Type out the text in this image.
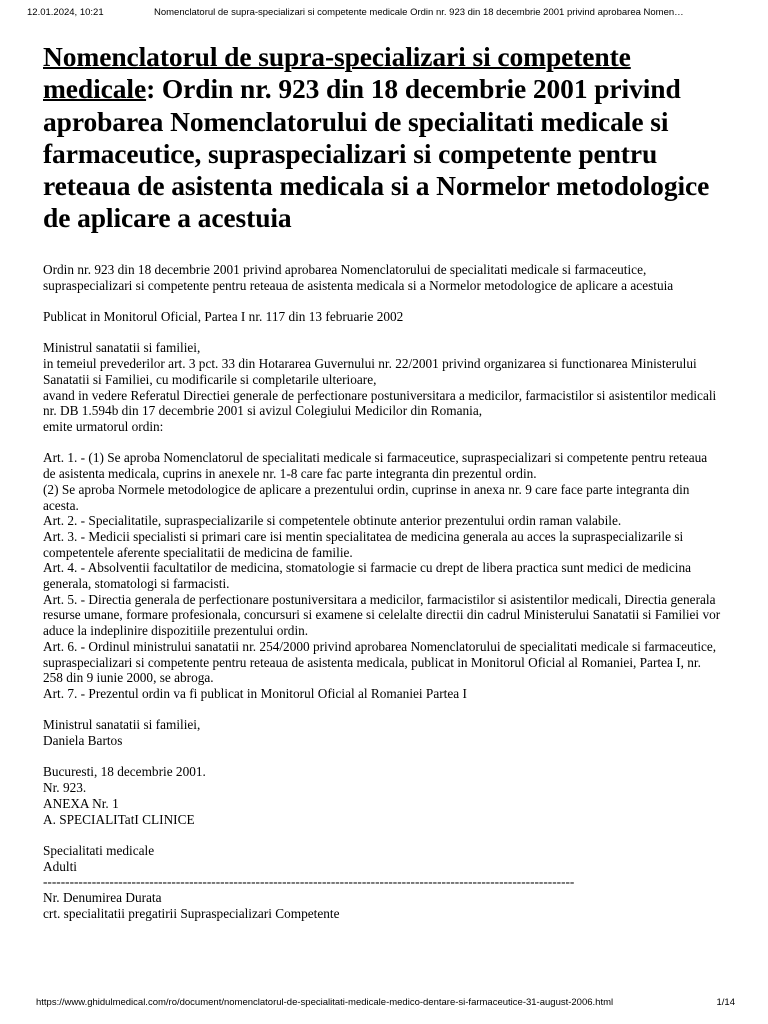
12.01.2024, 10:21	Nomenclatorul de supra-specializari si competente medicale Ordin nr. 923 din 18 decembrie 2001 privind aprobarea Nomen…
Nomenclatorul de supra-specializari si competente medicale: Ordin nr. 923 din 18 decembrie 2001 privind aprobarea Nomenclatorului de specialitati medicale si farmaceutice, supraspecializari si competente pentru reteaua de asistenta medicala si a Normelor metodologice de aplicare a acestuia

Ordin nr. 923 din 18 decembrie 2001 privind aprobarea Nomenclatorului de specialitati medicale si farmaceutice, supraspecializari si competente pentru reteaua de asistenta medicala si a Normelor metodologice de aplicare a acestuia

Publicat in Monitorul Oficial, Partea I nr. 117 din 13 februarie 2002

Ministrul sanatatii si familiei,

in temeiul prevederilor art. 3 pct. 33 din Hotararea Guvernului nr. 22/2001 privind organizarea si functionarea Ministerului Sanatatii si Familiei, cu modificarile si completarile ulterioare,

avand in vedere Referatul Directiei generale de perfectionare postuniversitara a medicilor, farmacistilor si asistentilor medicali nr. DB 1.594b din 17 decembrie 2001 si avizul Colegiului Medicilor din Romania,

emite urmatorul ordin:

Art. 1. - (1) Se aproba Nomenclatorul de specialitati medicale si farmaceutice, supraspecializari si competente pentru reteaua de asistenta medicala, cuprins in anexele nr. 1-8 care fac parte integranta din prezentul ordin.

(2) Se aproba Normele metodologice de aplicare a prezentului ordin, cuprinse in anexa nr. 9 care face parte integranta din acesta.

Art. 2. - Specialitatile, supraspecializarile si competentele obtinute anterior prezentului ordin raman valabile.

Art. 3. - Medicii specialisti si primari care isi mentin specialitatea de medicina generala au acces la supraspecializarile si competentele aferente specialitatii de medicina de familie.

Art. 4. - Absolventii facultatilor de medicina, stomatologie si farmacie cu drept de libera practica sunt medici de medicina generala, stomatologi si farmacisti.

Art. 5. - Directia generala de perfectionare postuniversitara a medicilor, farmacistilor si asistentilor medicali, Directia generala resurse umane, formare profesionala, concursuri si examene si celelalte directii din cadrul Ministerului Sanatatii si Familiei vor aduce la indeplinire dispozitiile prezentului ordin.

Art. 6. - Ordinul ministrului sanatatii nr. 254/2000 privind aprobarea Nomenclatorului de specialitati medicale si farmaceutice, supraspecializari si competente pentru reteaua de asistenta medicala, publicat in Monitorul Oficial al Romaniei, Partea I, nr. 258 din 9 iunie 2000, se abroga.

Art. 7. - Prezentul ordin va fi publicat in Monitorul Oficial al Romaniei Partea I

Ministrul sanatatii si familiei,

Daniela Bartos

Bucuresti, 18 decembrie 2001.

Nr. 923.

ANEXA Nr. 1

A. SPECIALITatI CLINICE

Specialitati medicale

Adulti

------------------------------------------------------------------------------------------------------------------------

Nr. Denumirea Durata

crt. specialitatii pregatirii Supraspecializari Competente

https://www.ghidulmedical.com/ro/document/nomenclatorul-de-specialitati-medicale-medico-dentare-si-farmaceutice-31-august-2006.html	1/14
